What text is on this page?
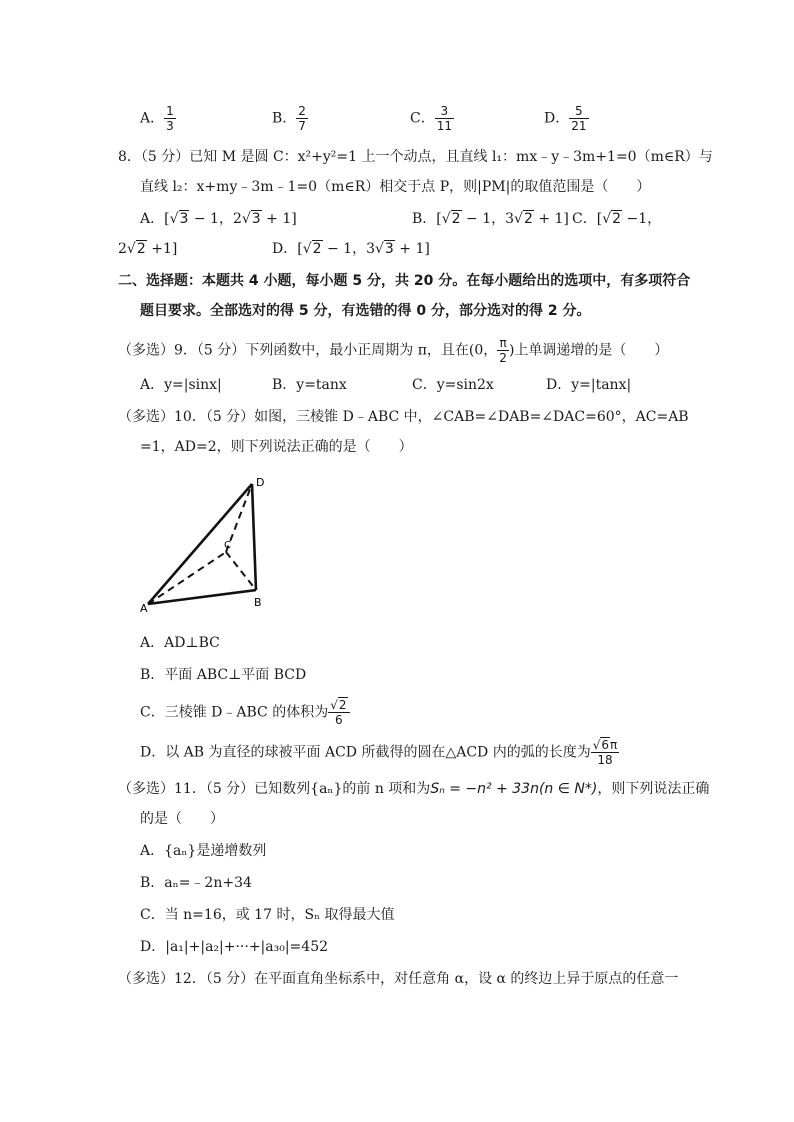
A． $\frac{1}{3}$	B． $\frac{2}{7}$	C． $\frac{3}{11}$	D． $\frac{5}{21}$
8．（5 分）已知 M 是圆 C：x²+y²=1 上一个动点，且直线 l₁：mx﹣y﹣3m+1=0（m∈R）与
直线 l₂：x+my﹣3m﹣1=0（m∈R）相交于点 P，则|PM|的取值范围是（　　）
A．[√3 − 1，2√3 + 1]	B．[√2 − 1，3√2 + 1] C．[√2 −1，
2√2 +1]	D．[√2 − 1，3√3 + 1]
二、选择题：本题共 4 小题，每小题 5 分，共 20 分。在每小题给出的选项中，有多项符合
题目要求。全部选对的得 5 分，有选错的得 0 分，部分选对的得 2 分。
（多选）9．（5 分）下列函数中，最小正周期为 π，且在(0， $\frac{\pi}{2}$ )上单调递增的是（　　）
A．y=|sinx|	B．y=tanx	C．y=sin2x	D．y=|tanx|
（多选）10．（5 分）如图，三棱锥 D﹣ABC 中，∠CAB=∠DAB=∠DAC=60°，AC=AB
=1，AD=2，则下列说法正确的是（　　）
D
C
A	B
A．AD⊥BC
B．平面 ABC⊥平面 BCD
C．三棱锥 D﹣ABC 的体积为 $\frac{√2}{6}$
D．以 AB 为直径的球被平面 ACD 所截得的圆在△ACD 内的弧的长度为 $\frac{√6\pi}{18}$
（多选）11．（5 分）已知数列{aₙ}的前 n 项和为Sₙ = −n² + 33n(n ∈ N*)，则下列说法正确
的是（　　）
A．{aₙ}是递增数列
B．aₙ=﹣2n+34
C．当 n=16，或 17 时，Sₙ 取得最大值
D．|a₁|+|a₂|+···+|a₃₀|=452
（多选）12．（5 分）在平面直角坐标系中，对任意角 α，设 α 的终边上异于原点的任意一
